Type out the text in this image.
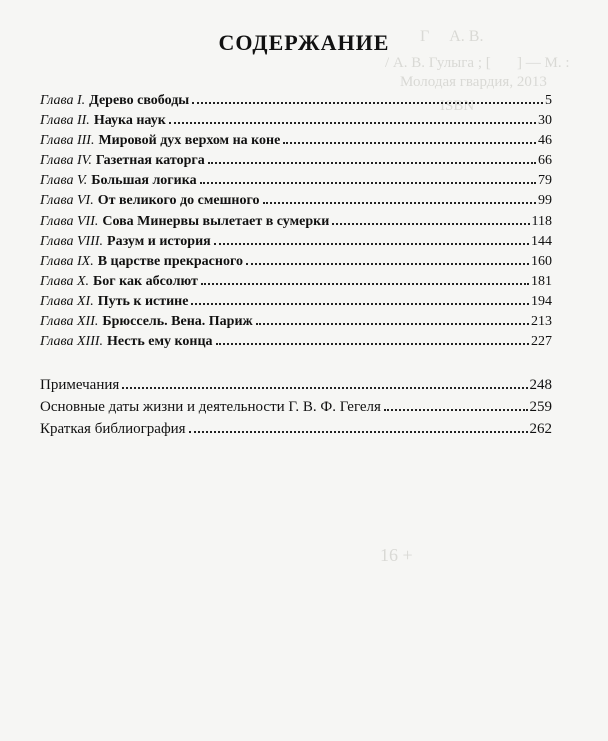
Г     А. В.
/ А. В. Гулыга ; [       ] — М. :
Молодая гвардия, 2013
ISBN
16 +

СОДЕРЖАНИЕ
Глава I. Дерево свободы	5
Глава II. Наука наук	30
Глава III. Мировой дух верхом на коне	46
Глава IV. Газетная каторга	66
Глава V. Большая логика	79
Глава VI. От великого до смешного	99
Глава VII. Сова Минервы вылетает в сумерки	118
Глава VIII. Разум и история	144
Глава IX. В царстве прекрасного	160
Глава X. Бог как абсолют	181
Глава XI. Путь к истине	194
Глава XII. Брюссель. Вена. Париж	213
Глава XIII. Несть ему конца	227
Примечания	248
Основные даты жизни и деятельности Г. В. Ф. Гегеля	259
Краткая библиография	262
